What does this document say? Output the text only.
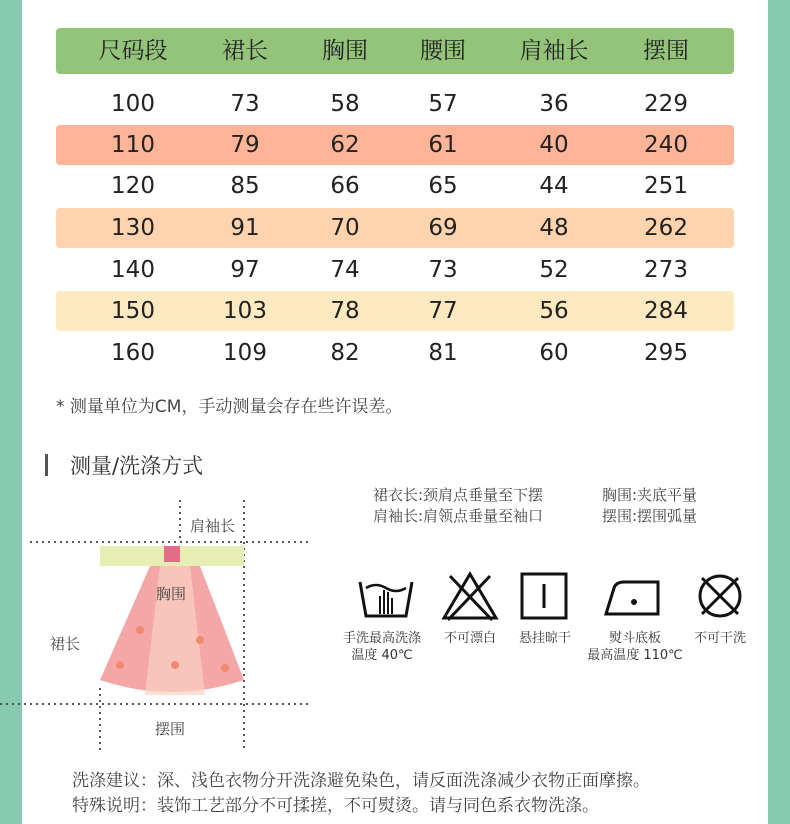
尺码段	裙长	胸围	腰围	肩袖长	摆围
100	73	58	57	36	229
110	79	62	61	40	240
120	85	66	65	44	251
130	91	70	69	48	262
140	97	74	73	52	273
150	103	78	77	56	284
160	109	82	81	60	295
* 测量单位为CM，手动测量会存在些许误差。
测量/洗涤方式
肩袖长
胸围
裙长
摆围
裙衣长:颈肩点垂量至下摆
肩袖长:肩领点垂量至袖口
胸围:夹底平量
摆围:摆围弧量
手洗最高洗涤
温度 40℃
不可漂白	悬挂晾干	熨斗底板
最高温度 110℃
不可干洗
洗涤建议：深、浅色衣物分开洗涤避免染色，请反面洗涤减少衣物正面摩擦。
特殊说明：装饰工艺部分不可揉搓，不可熨烫。请与同色系衣物洗涤。
